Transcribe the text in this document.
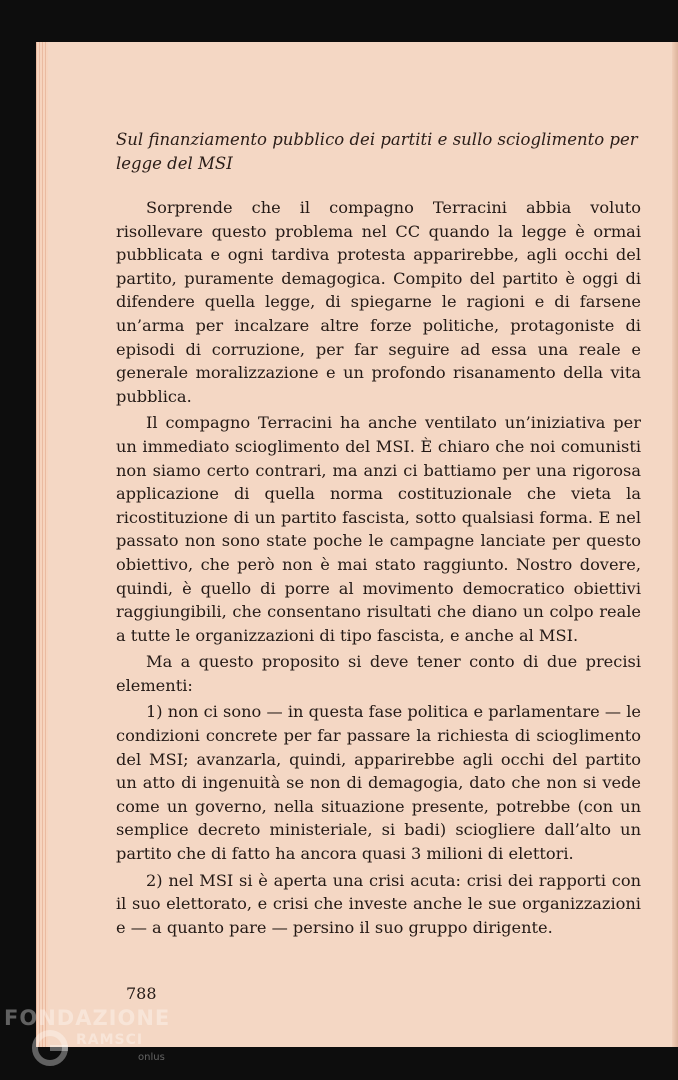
Sul finanziamento pubblico dei partiti e sullo scioglimento per legge del MSI

Sorprende che il compagno Terracini abbia voluto risollevare questo problema nel CC quando la legge è ormai pubblicata e ogni tardiva protesta apparirebbe, agli occhi del partito, puramente demagogica. Compito del partito è oggi di difendere quella legge, di spiegarne le ragioni e di farsene un’arma per incalzare altre forze politiche, protagoniste di episodi di corruzione, per far seguire ad essa una reale e generale moralizzazione e un profondo risanamento della vita pubblica.

Il compagno Terracini ha anche ventilato un’iniziativa per un immediato scioglimento del MSI. È chiaro che noi comunisti non siamo certo contrari, ma anzi ci battiamo per una rigorosa applicazione di quella norma costituzionale che vieta la ricostituzione di un partito fascista, sotto qualsiasi forma. E nel passato non sono state poche le campagne lanciate per questo obiettivo, che però non è mai stato raggiunto. Nostro dovere, quindi, è quello di porre al movimento democratico obiettivi raggiungibili, che consentano risultati che diano un colpo reale a tutte le organizzazioni di tipo fascista, e anche al MSI.

Ma a questo proposito si deve tener conto di due precisi elementi:

1) non ci sono — in questa fase politica e parlamentare — le condizioni concrete per far passare la richiesta di scioglimento del MSI; avanzarla, quindi, apparirebbe agli occhi del partito un atto di ingenuità se non di demagogia, dato che non si vede come un governo, nella situazione presente, potrebbe (con un semplice decreto ministeriale, si badi) sciogliere dall’alto un partito che di fatto ha ancora quasi 3 milioni di elettori.

2) nel MSI si è aperta una crisi acuta: crisi dei rapporti con il suo elettorato, e crisi che investe anche le sue organizzazioni e — a quanto pare — persino il suo gruppo dirigente.

788
FONDAZIONE
RAMSCI
onlus
